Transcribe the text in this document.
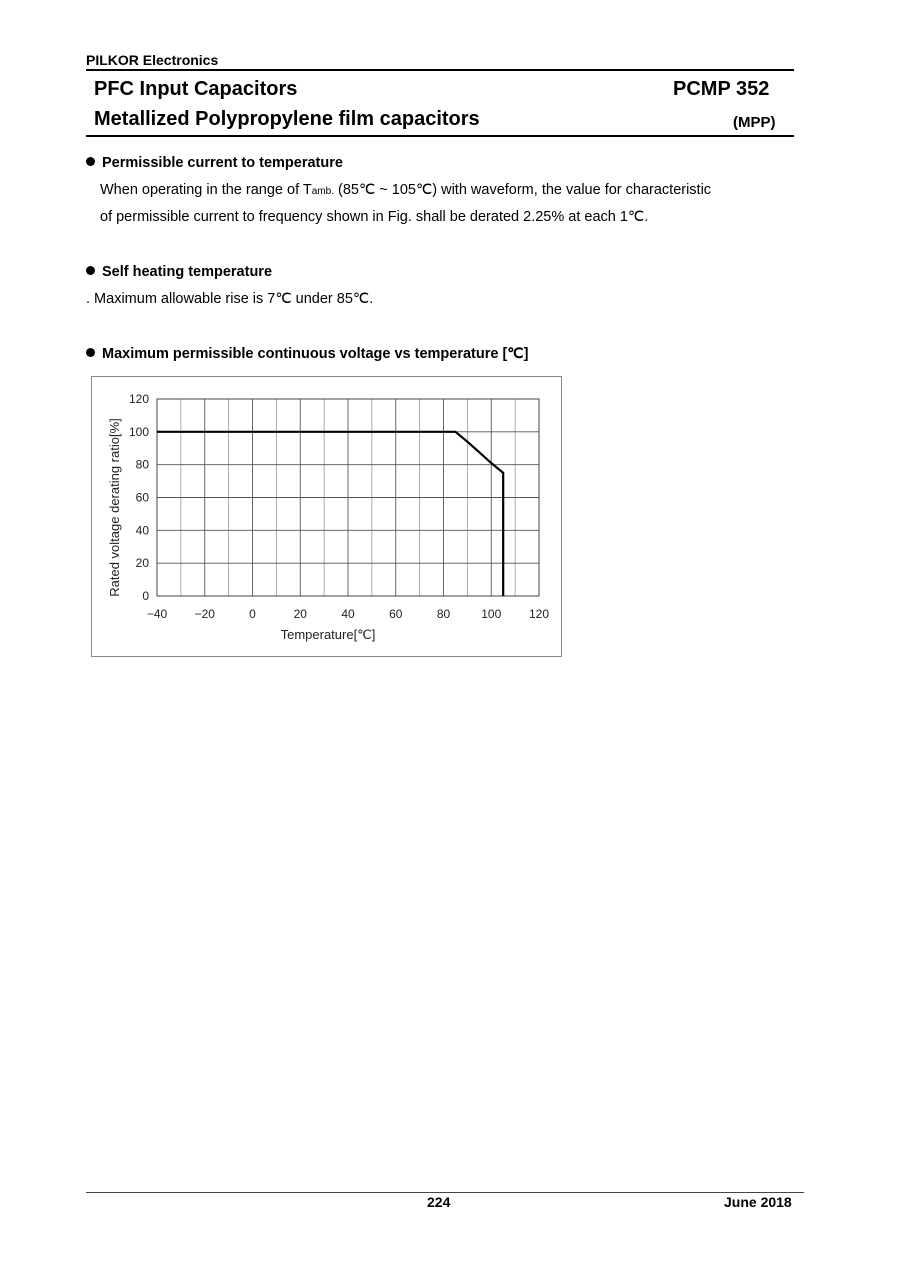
PILKOR Electronics
PFC Input Capacitors	PCMP 352
Metallized Polypropylene film capacitors	(MPP)
Permissible current to temperature
When operating in the range of Tamb. (85℃ ~ 105℃) with waveform, the value for characteristic
of permissible current to frequency shown in Fig. shall be derated 2.25% at each 1℃.
Self heating temperature
. Maximum allowable rise is 7℃ under 85℃.
Maximum permissible continuous voltage vs temperature [℃]
−40 −20	0	20	40	60	80	100 120
0
20
40
60
80
100
120
Temperature[℃]
Rated voltage derating ratio[%]
224	June 2018
